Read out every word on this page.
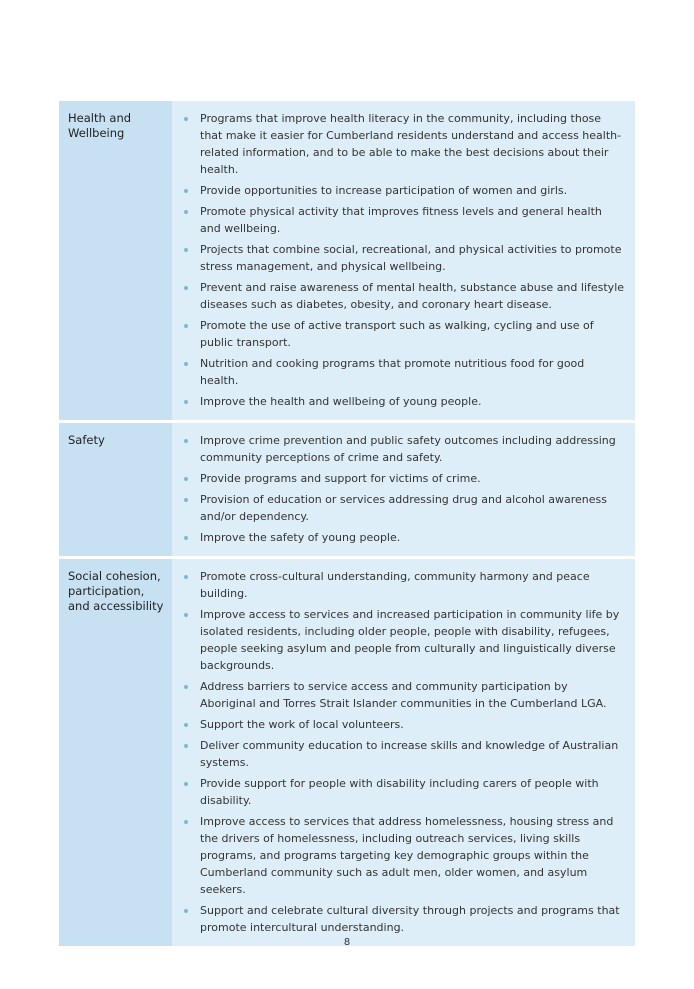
Health and Wellbeing
Programs that improve health literacy in the community, including those that make it easier for Cumberland residents understand and access health-related information, and to be able to make the best decisions about their health.
Provide opportunities to increase participation of women and girls.
Promote physical activity that improves fitness levels and general health and wellbeing.
Projects that combine social, recreational, and physical activities to promote stress management, and physical wellbeing.
Prevent and raise awareness of mental health, substance abuse and lifestyle diseases such as diabetes, obesity, and coronary heart disease.
Promote the use of active transport such as walking, cycling and use of public transport.
Nutrition and cooking programs that promote nutritious food for good health.
Improve the health and wellbeing of young people.
Safety	Improve crime prevention and public safety outcomes including addressing community perceptions of crime and safety.
Provide programs and support for victims of crime.
Provision of education or services addressing drug and alcohol awareness and/or dependency.
Improve the safety of young people.
Social cohesion, participation, and accessibility
Promote cross-cultural understanding, community harmony and peace building.
Improve access to services and increased participation in community life by isolated residents, including older people, people with disability, refugees, people seeking asylum and people from culturally and linguistically diverse backgrounds.
Address barriers to service access and community participation by Aboriginal and Torres Strait Islander communities in the Cumberland LGA.
Support the work of local volunteers.
Deliver community education to increase skills and knowledge of Australian systems.
Provide support for people with disability including carers of people with disability.
Improve access to services that address homelessness, housing stress and the drivers of homelessness, including outreach services, living skills programs, and programs targeting key demographic groups within the Cumberland community such as adult men, older women, and asylum seekers.
Support and celebrate cultural diversity through projects and programs that promote intercultural understanding.
8
